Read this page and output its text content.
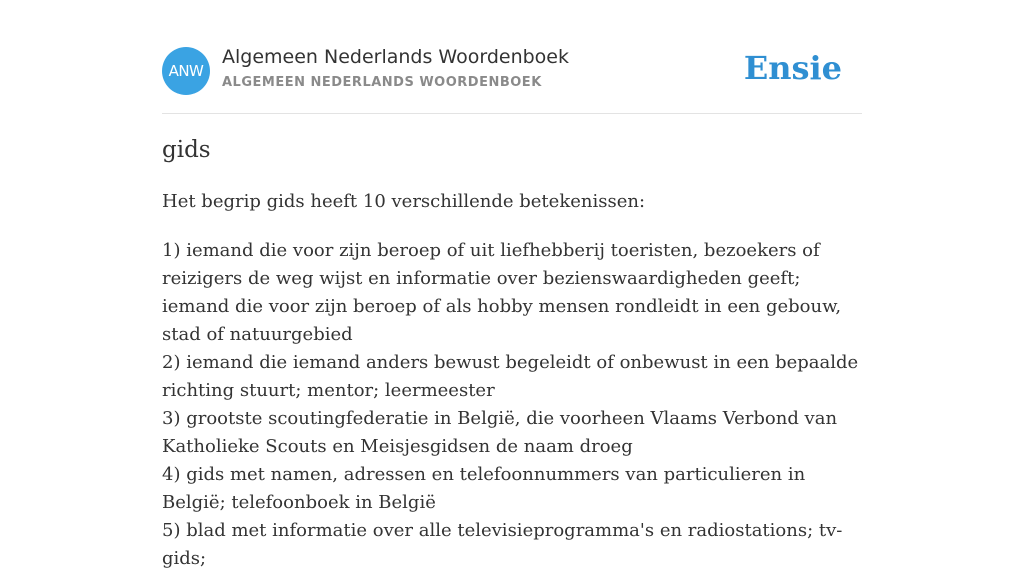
ANW
Algemeen Nederlands Woordenboek
ALGEMEEN NEDERLANDS WOORDENBOEK	Ensie
gids

Het begrip gids heeft 10 verschillende betekenissen:

1) iemand die voor zijn beroep of uit liefhebberij toeristen, bezoekers of reizigers de weg wijst en informatie over bezienswaardigheden geeft; iemand die voor zijn beroep of als hobby mensen rondleidt in een gebouw, stad of natuurgebied
2) iemand die iemand anders bewust begeleidt of onbewust in een bepaalde richting stuurt; mentor; leermeester
3) grootste scoutingfederatie in België, die voorheen Vlaams Verbond van Katholieke Scouts en Meisjesgidsen de naam droeg
4) gids met namen, adressen en telefoonnummers van particulieren in België; telefoonboek in België
5) blad met informatie over alle televisieprogramma's en radiostations; tv-gids;
